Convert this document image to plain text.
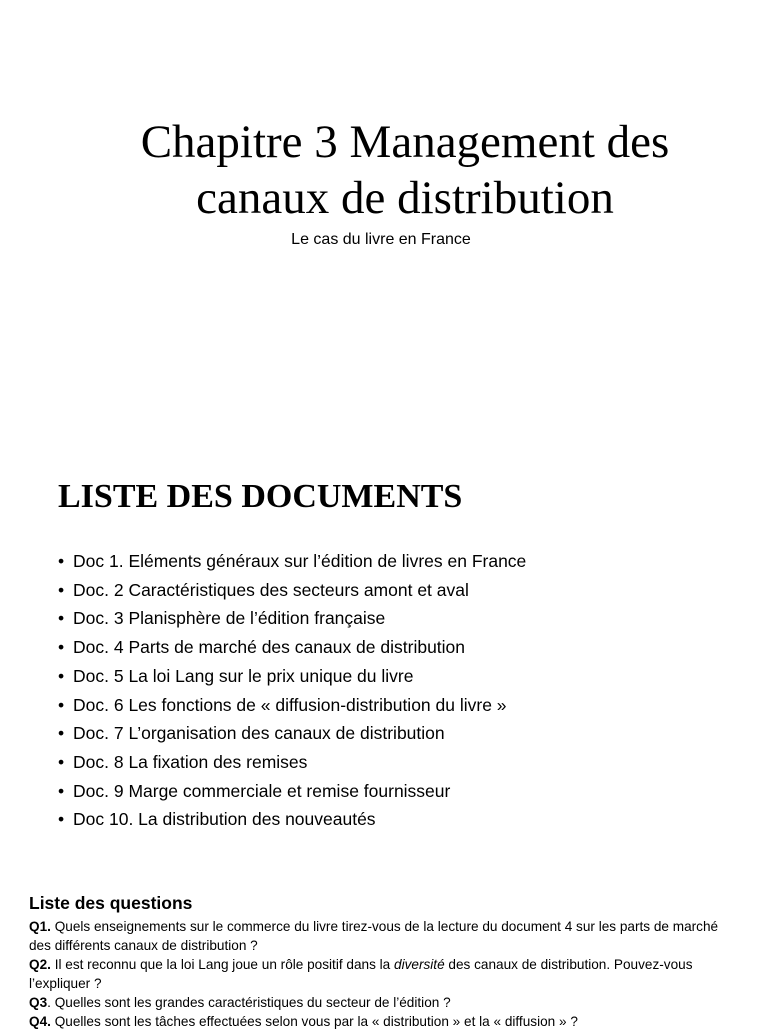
Chapitre 3 Management des
canaux de distribution

Le cas du livre en France

LISTE DES DOCUMENTS
• Doc 1. Eléments généraux sur l’édition de livres en France
• Doc. 2 Caractéristiques des secteurs amont et aval
• Doc. 3 Planisphère de l’édition française
• Doc. 4 Parts de marché des canaux de distribution
• Doc. 5 La loi Lang sur le prix unique du livre
• Doc. 6 Les fonctions de « diffusion-distribution du livre »
• Doc. 7 L’organisation des canaux de distribution
• Doc. 8 La fixation des remises
• Doc. 9 Marge commerciale et remise fournisseur
• Doc 10. La distribution des nouveautés
Liste des questions

Q1. Quels enseignements sur le commerce du livre tirez-vous de la lecture du document 4 sur les parts de marché des différents canaux de distribution ?

Q2. Il est reconnu que la loi Lang joue un rôle positif dans la diversité des canaux de distribution. Pouvez-vous l’expliquer ?

Q3. Quelles sont les grandes caractéristiques du secteur de l’édition ?

Q4. Quelles sont les tâches effectuées selon vous par la « distribution » et la « diffusion » ?
